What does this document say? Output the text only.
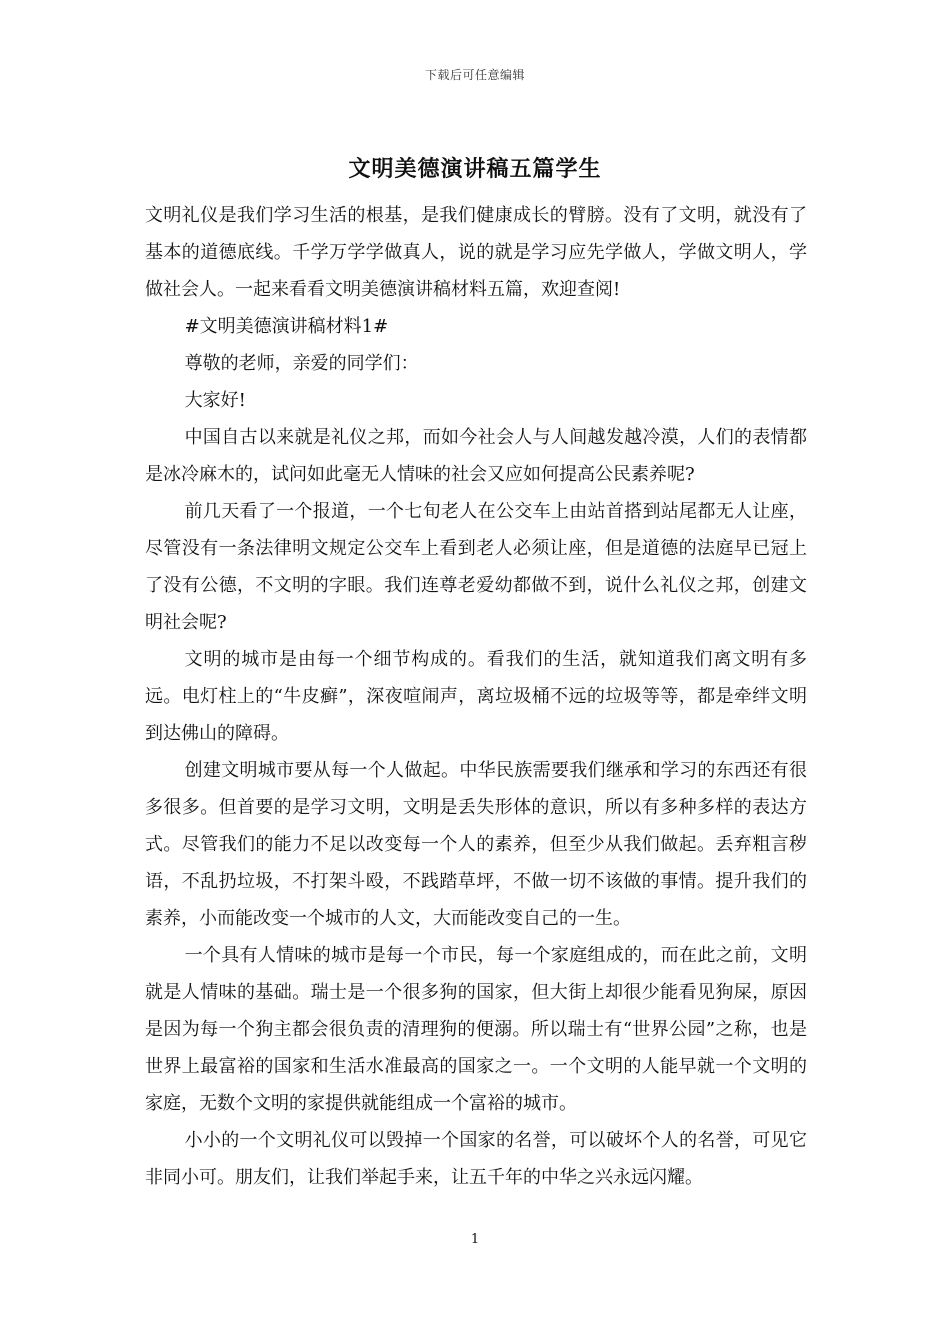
下载后可任意编辑
文明美德演讲稿五篇学生

文明礼仪是我们学习生活的根基，是我们健康成长的臂膀。没有了文明，就没有了基本的道德底线。千学万学学做真人，说的就是学习应先学做人，学做文明人，学做社会人。一起来看看文明美德演讲稿材料五篇，欢迎查阅!

#文明美德演讲稿材料1#

尊敬的老师，亲爱的同学们：

大家好!

中国自古以来就是礼仪之邦，而如今社会人与人间越发越冷漠，人们的表情都是冰冷麻木的，试问如此毫无人情味的社会又应如何提高公民素养呢?

前几天看了一个报道，一个七旬老人在公交车上由站首搭到站尾都无人让座，尽管没有一条法律明文规定公交车上看到老人必须让座，但是道德的法庭早已冠上了没有公德，不文明的字眼。我们连尊老爱幼都做不到，说什么礼仪之邦，创建文明社会呢?

文明的城市是由每一个细节构成的。看我们的生活，就知道我们离文明有多远。电灯柱上的“牛皮癣”，深夜喧闹声，离垃圾桶不远的垃圾等等，都是牵绊文明到达佛山的障碍。

创建文明城市要从每一个人做起。中华民族需要我们继承和学习的东西还有很多很多。但首要的是学习文明，文明是丢失形体的意识，所以有多种多样的表达方式。尽管我们的能力不足以改变每一个人的素养，但至少从我们做起。丢弃粗言秽语，不乱扔垃圾，不打架斗殴，不践踏草坪，不做一切不该做的事情。提升我们的素养，小而能改变一个城市的人文，大而能改变自己的一生。

一个具有人情味的城市是每一个市民，每一个家庭组成的，而在此之前，文明就是人情味的基础。瑞士是一个很多狗的国家，但大街上却很少能看见狗屎，原因是因为每一个狗主都会很负责的清理狗的便溺。所以瑞士有“世界公园”之称，也是世界上最富裕的国家和生活水准最高的国家之一。一个文明的人能早就一个文明的家庭，无数个文明的家提供就能组成一个富裕的城市。

小小的一个文明礼仪可以毁掉一个国家的名誉，可以破坏个人的名誉，可见它非同小可。朋友们，让我们举起手来，让五千年的中华之兴永远闪耀。

1
